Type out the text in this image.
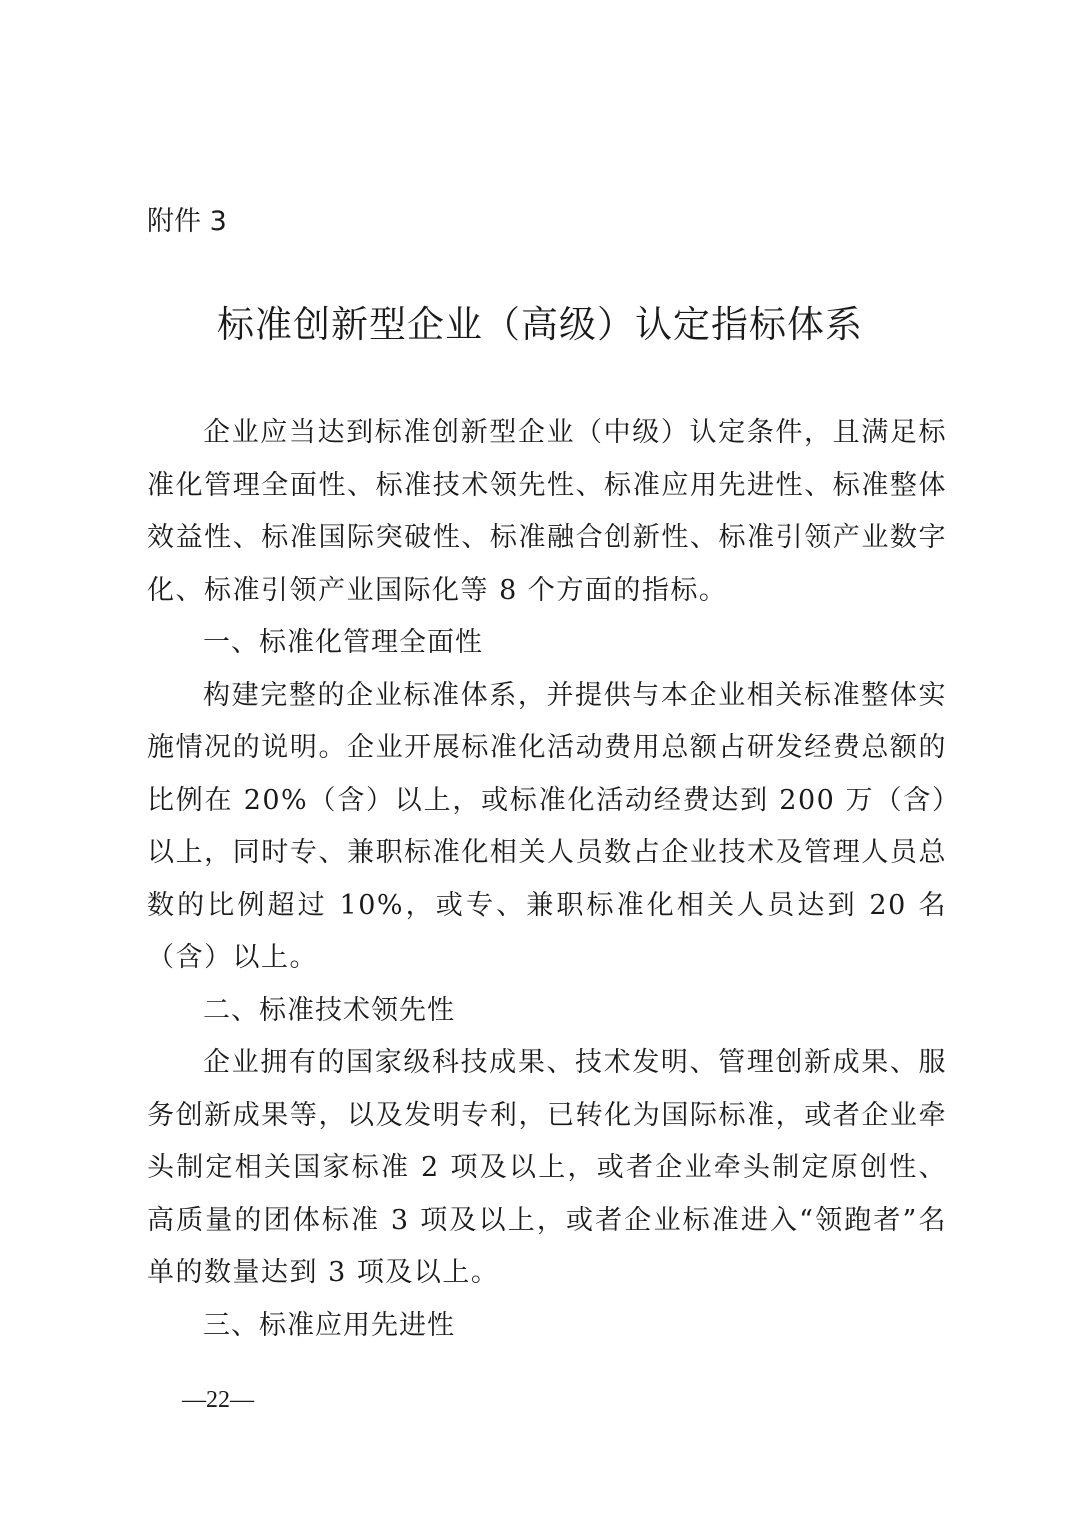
附件 3
标准创新型企业（高级）认定指标体系

企业应当达到标准创新型企业（中级）认定条件，且满足标准化管理全面性、标准技术领先性、标准应用先进性、标准整体效益性、标准国际突破性、标准融合创新性、标准引领产业数字化、标准引领产业国际化等 8 个方面的指标。

一、标准化管理全面性

构建完整的企业标准体系，并提供与本企业相关标准整体实施情况的说明。企业开展标准化活动费用总额占研发经费总额的比例在 20%（含）以上，或标准化活动经费达到 200 万（含）以上，同时专、兼职标准化相关人员数占企业技术及管理人员总数的比例超过 10%，或专、兼职标准化相关人员达到 20 名（含）以上。

二、标准技术领先性

企业拥有的国家级科技成果、技术发明、管理创新成果、服务创新成果等，以及发明专利，已转化为国际标准，或者企业牵头制定相关国家标准 2 项及以上，或者企业牵头制定原创性、高质量的团体标准 3 项及以上，或者企业标准进入“领跑者”名单的数量达到 3 项及以上。

三、标准应用先进性

—22—
